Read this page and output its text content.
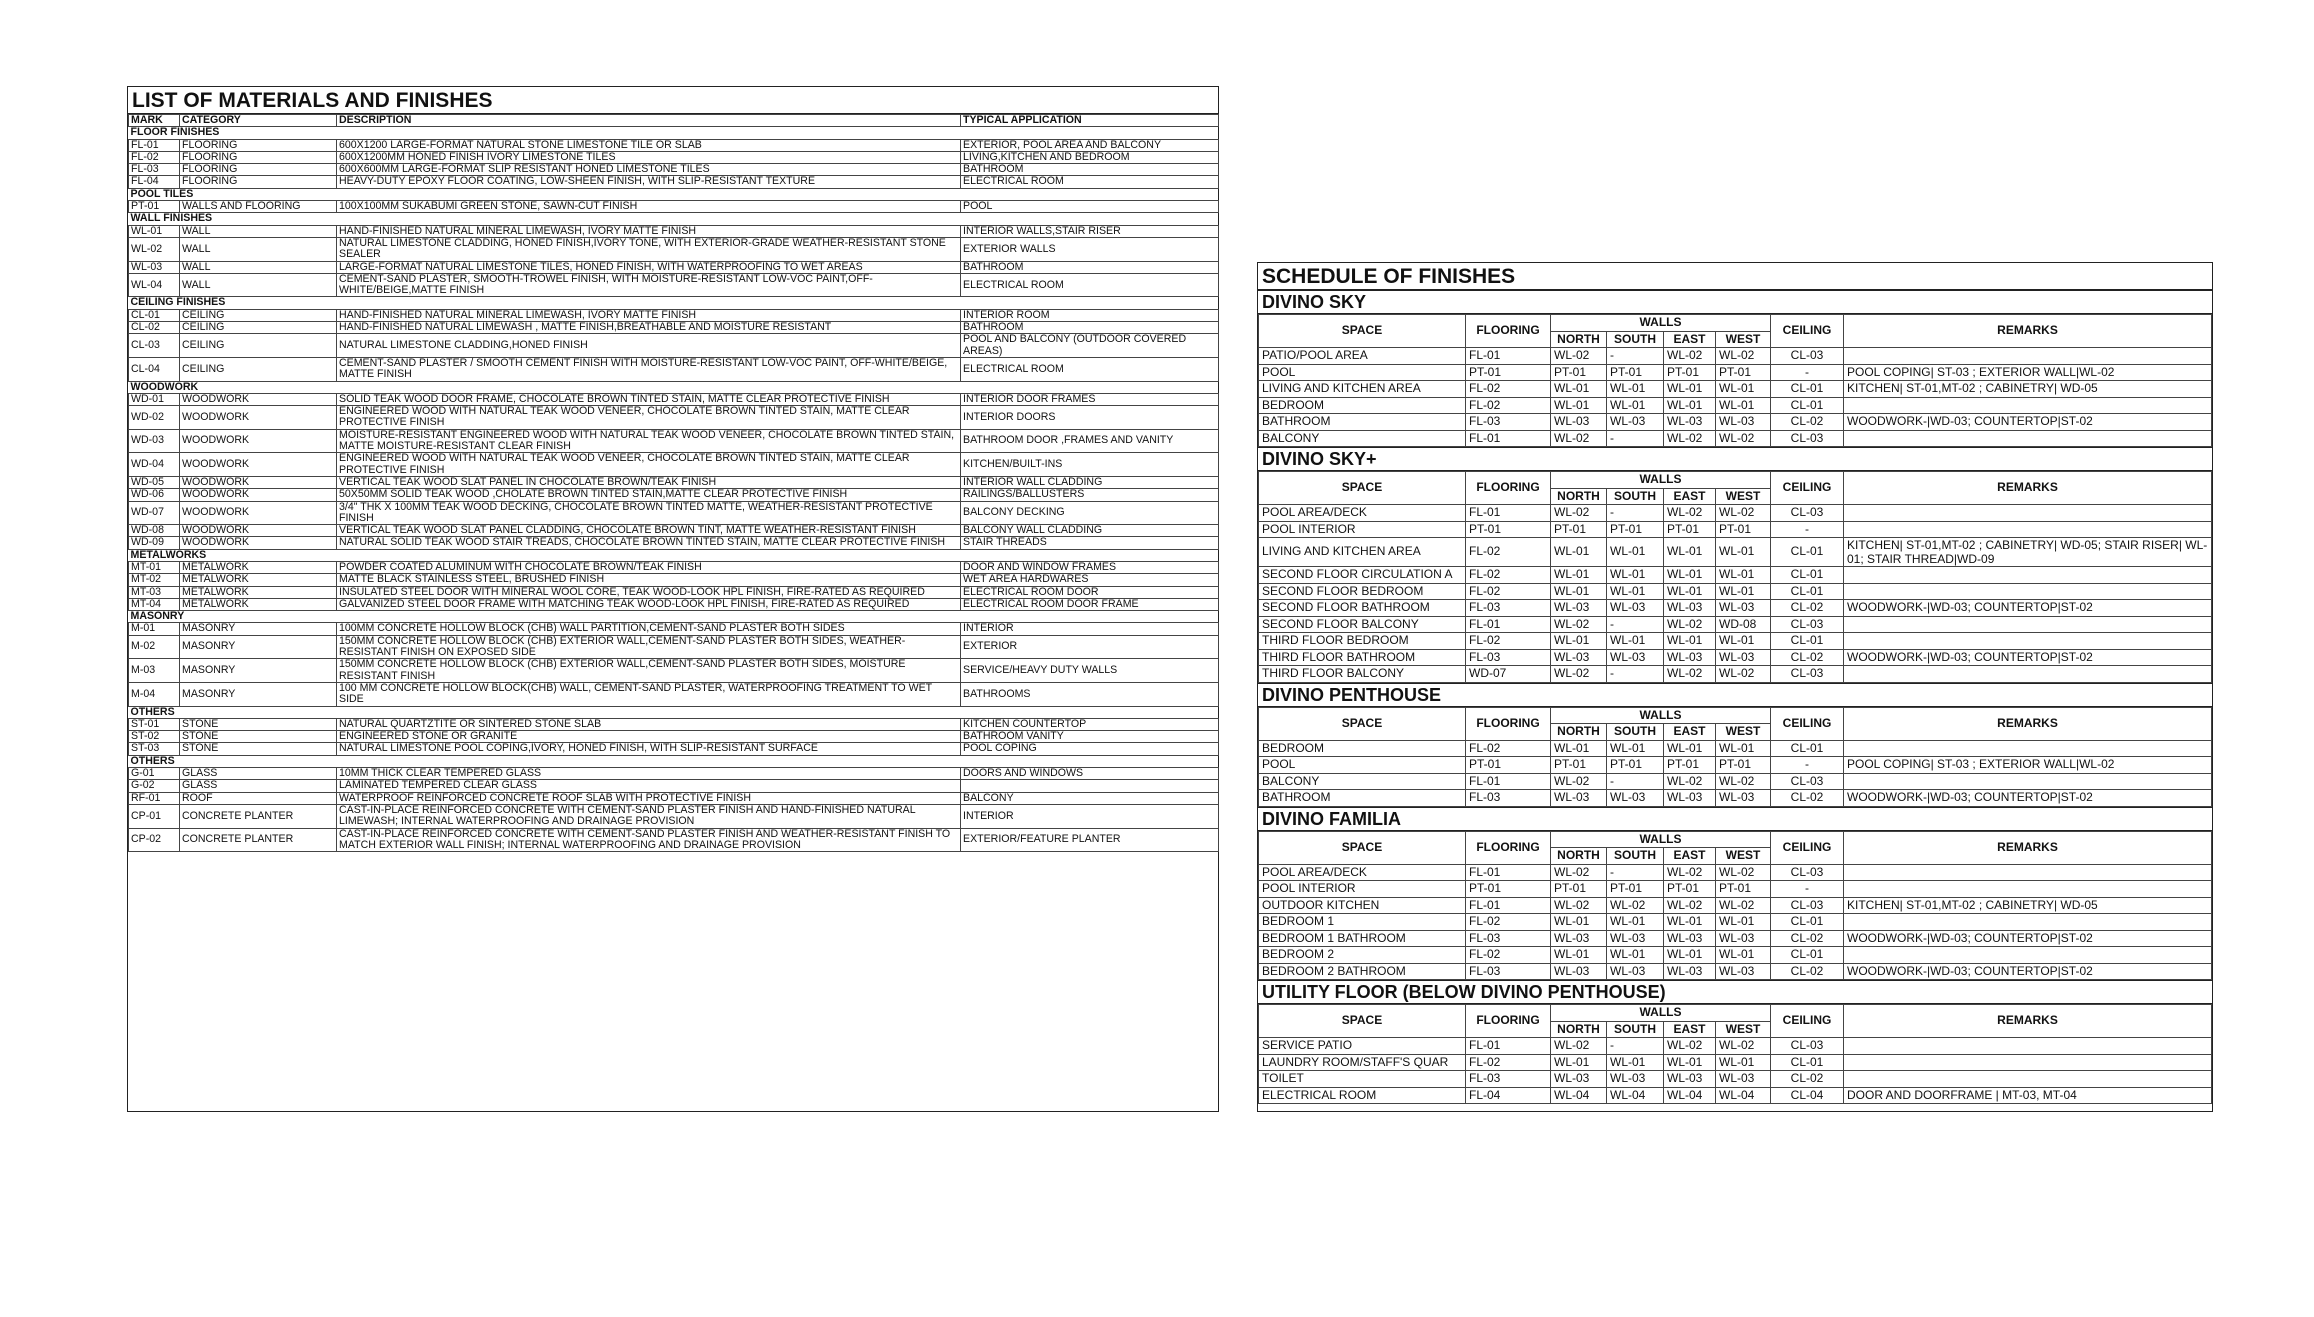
LIST OF MATERIALS AND FINISHES
MARK	CATEGORY	DESCRIPTION	TYPICAL APPLICATION
FLOOR FINISHES			
FL-01	FLOORING	600X1200 LARGE-FORMAT NATURAL STONE LIMESTONE TILE OR SLAB	EXTERIOR, POOL AREA AND BALCONY
FL-02	FLOORING	600X1200MM HONED FINISH IVORY LIMESTONE TILES	LIVING,KITCHEN AND BEDROOM
FL-03	FLOORING	600X600MM LARGE-FORMAT SLIP RESISTANT HONED LIMESTONE TILES	BATHROOM
FL-04	FLOORING	HEAVY-DUTY EPOXY FLOOR COATING, LOW-SHEEN FINISH, WITH SLIP-RESISTANT TEXTURE	ELECTRICAL ROOM
POOL TILES			
PT-01	WALLS AND FLOORING	100X100MM SUKABUMI GREEN STONE, SAWN-CUT FINISH	POOL
WALL FINISHES			
WL-01	WALL	HAND-FINISHED NATURAL MINERAL LIMEWASH, IVORY MATTE FINISH	INTERIOR WALLS,STAIR RISER
WL-02	WALL	NATURAL LIMESTONE CLADDING, HONED FINISH,IVORY TONE, WITH EXTERIOR-GRADE WEATHER-RESISTANT STONE SEALER	EXTERIOR WALLS
WL-03	WALL	LARGE-FORMAT NATURAL LIMESTONE TILES, HONED FINISH, WITH WATERPROOFING TO WET AREAS	BATHROOM
WL-04	WALL	CEMENT-SAND PLASTER, SMOOTH-TROWEL FINISH, WITH MOISTURE-RESISTANT LOW-VOC PAINT,OFF-WHITE/BEIGE,MATTE FINISH	ELECTRICAL ROOM
CEILING FINISHES			
CL-01	CEILING	HAND-FINISHED NATURAL MINERAL LIMEWASH, IVORY MATTE FINISH	INTERIOR ROOM
CL-02	CEILING	HAND-FINISHED NATURAL LIMEWASH , MATTE FINISH,BREATHABLE AND MOISTURE RESISTANT	BATHROOM
CL-03	CEILING	NATURAL LIMESTONE CLADDING,HONED FINISH	POOL AND BALCONY (OUTDOOR COVERED AREAS)
CL-04	CEILING	CEMENT-SAND PLASTER / SMOOTH CEMENT FINISH WITH MOISTURE-RESISTANT LOW-VOC PAINT, OFF-WHITE/BEIGE, MATTE FINISH	ELECTRICAL ROOM
WOODWORK			
WD-01	WOODWORK	SOLID TEAK WOOD DOOR FRAME, CHOCOLATE BROWN TINTED STAIN, MATTE CLEAR PROTECTIVE FINISH	INTERIOR DOOR FRAMES
WD-02	WOODWORK	ENGINEERED WOOD WITH NATURAL TEAK WOOD VENEER, CHOCOLATE BROWN TINTED STAIN, MATTE CLEAR PROTECTIVE FINISH	INTERIOR DOORS
WD-03	WOODWORK	MOISTURE-RESISTANT ENGINEERED WOOD WITH NATURAL TEAK WOOD VENEER, CHOCOLATE BROWN TINTED STAIN, MATTE MOISTURE-RESISTANT CLEAR FINISH	BATHROOM DOOR ,FRAMES AND VANITY
WD-04	WOODWORK	ENGINEERED WOOD WITH NATURAL TEAK WOOD VENEER, CHOCOLATE BROWN TINTED STAIN, MATTE CLEAR PROTECTIVE FINISH	KITCHEN/BUILT-INS
WD-05	WOODWORK	VERTICAL TEAK WOOD SLAT PANEL IN CHOCOLATE BROWN/TEAK FINISH	INTERIOR WALL CLADDING
WD-06	WOODWORK	50X50MM SOLID TEAK WOOD ,CHOLATE BROWN TINTED STAIN,MATTE CLEAR PROTECTIVE FINISH	RAILINGS/BALLUSTERS
WD-07	WOODWORK	3/4" THK X 100MM TEAK WOOD DECKING, CHOCOLATE BROWN TINTED MATTE, WEATHER-RESISTANT PROTECTIVE FINISH	BALCONY DECKING
WD-08	WOODWORK	VERTICAL TEAK WOOD SLAT PANEL CLADDING, CHOCOLATE BROWN TINT, MATTE WEATHER-RESISTANT FINISH	BALCONY WALL CLADDING
WD-09	WOODWORK	NATURAL SOLID TEAK WOOD STAIR TREADS, CHOCOLATE BROWN TINTED STAIN, MATTE CLEAR PROTECTIVE FINISH	STAIR THREADS
METALWORKS			
MT-01	METALWORK	POWDER COATED ALUMINUM WITH CHOCOLATE BROWN/TEAK FINISH	DOOR AND WINDOW FRAMES
MT-02	METALWORK	MATTE BLACK STAINLESS STEEL, BRUSHED FINISH	WET AREA HARDWARES
MT-03	METALWORK	INSULATED STEEL DOOR WITH MINERAL WOOL CORE, TEAK WOOD-LOOK HPL FINISH, FIRE-RATED AS REQUIRED	ELECTRICAL ROOM DOOR
MT-04	METALWORK	GALVANIZED STEEL DOOR FRAME WITH MATCHING TEAK WOOD-LOOK HPL FINISH, FIRE-RATED AS REQUIRED	ELECTRICAL ROOM DOOR FRAME
MASONRY			
M-01	MASONRY	100MM CONCRETE HOLLOW BLOCK (CHB) WALL PARTITION,CEMENT-SAND PLASTER BOTH SIDES	INTERIOR
M-02	MASONRY	150MM CONCRETE HOLLOW BLOCK (CHB) EXTERIOR WALL,CEMENT-SAND PLASTER BOTH SIDES, WEATHER-RESISTANT FINISH ON EXPOSED SIDE	EXTERIOR
M-03	MASONRY	150MM CONCRETE HOLLOW BLOCK (CHB) EXTERIOR WALL,CEMENT-SAND PLASTER BOTH SIDES, MOISTURE RESISTANT FINISH	SERVICE/HEAVY DUTY WALLS
M-04	MASONRY	100 MM CONCRETE HOLLOW BLOCK(CHB) WALL, CEMENT-SAND PLASTER, WATERPROOFING TREATMENT TO WET SIDE	BATHROOMS
OTHERS			
ST-01	STONE	NATURAL QUARTZTITE OR SINTERED STONE SLAB	KITCHEN COUNTERTOP
ST-02	STONE	ENGINEERED STONE OR GRANITE	BATHROOM VANITY
ST-03	STONE	NATURAL LIMESTONE POOL COPING,IVORY, HONED FINISH, WITH SLIP-RESISTANT SURFACE	POOL COPING
OTHERS			
G-01	GLASS	10MM THICK CLEAR TEMPERED GLASS	DOORS AND WINDOWS
G-02	GLASS	LAMINATED TEMPERED CLEAR GLASS	
RF-01	ROOF	WATERPROOF REINFORCED CONCRETE ROOF SLAB WITH PROTECTIVE FINISH	BALCONY
CP-01	CONCRETE PLANTER	CAST-IN-PLACE REINFORCED CONCRETE WITH CEMENT-SAND PLASTER FINISH AND HAND-FINISHED NATURAL LIMEWASH; INTERNAL WATERPROOFING AND DRAINAGE PROVISION	INTERIOR
CP-02	CONCRETE PLANTER	CAST-IN-PLACE REINFORCED CONCRETE WITH CEMENT-SAND PLASTER FINISH AND WEATHER-RESISTANT FINISH TO MATCH EXTERIOR WALL FINISH; INTERNAL WATERPROOFING AND DRAINAGE PROVISION	EXTERIOR/FEATURE PLANTER
SCHEDULE OF FINISHES
DIVINO SKY
SPACE	FLOORING	WALLS				CEILING	REMARKS
		NORTH	SOUTH	EAST	WEST		
PATIO/POOL AREA	FL-01	WL-02	-	WL-02	WL-02	CL-03	
POOL	PT-01	PT-01	PT-01	PT-01	PT-01	-	POOL COPING| ST-03 ; EXTERIOR WALL|WL-02
LIVING AND KITCHEN AREA	FL-02	WL-01	WL-01	WL-01	WL-01	CL-01	KITCHEN| ST-01,MT-02 ; CABINETRY| WD-05
BEDROOM	FL-02	WL-01	WL-01	WL-01	WL-01	CL-01	
BATHROOM	FL-03	WL-03	WL-03	WL-03	WL-03	CL-02	WOODWORK-|WD-03; COUNTERTOP|ST-02
BALCONY	FL-01	WL-02	-	WL-02	WL-02	CL-03	
DIVINO SKY+
SPACE	FLOORING	WALLS				CEILING	REMARKS
		NORTH	SOUTH	EAST	WEST		
POOL AREA/DECK	FL-01	WL-02	-	WL-02	WL-02	CL-03	
POOL INTERIOR	PT-01	PT-01	PT-01	PT-01	PT-01	-	
LIVING AND KITCHEN AREA	FL-02	WL-01	WL-01	WL-01	WL-01	CL-01	KITCHEN| ST-01,MT-02 ; CABINETRY| WD-05; STAIR RISER| WL-01; STAIR THREAD|WD-09
SECOND FLOOR CIRCULATION A	FL-02	WL-01	WL-01	WL-01	WL-01	CL-01	
SECOND FLOOR BEDROOM	FL-02	WL-01	WL-01	WL-01	WL-01	CL-01	
SECOND FLOOR BATHROOM	FL-03	WL-03	WL-03	WL-03	WL-03	CL-02	WOODWORK-|WD-03; COUNTERTOP|ST-02
SECOND FLOOR BALCONY	FL-01	WL-02	-	WL-02	WD-08	CL-03	
THIRD FLOOR BEDROOM	FL-02	WL-01	WL-01	WL-01	WL-01	CL-01	
THIRD FLOOR BATHROOM	FL-03	WL-03	WL-03	WL-03	WL-03	CL-02	WOODWORK-|WD-03; COUNTERTOP|ST-02
THIRD FLOOR BALCONY	WD-07	WL-02	-	WL-02	WL-02	CL-03	
DIVINO PENTHOUSE
SPACE	FLOORING	WALLS				CEILING	REMARKS
		NORTH	SOUTH	EAST	WEST		
BEDROOM	FL-02	WL-01	WL-01	WL-01	WL-01	CL-01	
POOL	PT-01	PT-01	PT-01	PT-01	PT-01	-	POOL COPING| ST-03 ; EXTERIOR WALL|WL-02
BALCONY	FL-01	WL-02	-	WL-02	WL-02	CL-03	
BATHROOM	FL-03	WL-03	WL-03	WL-03	WL-03	CL-02	WOODWORK-|WD-03; COUNTERTOP|ST-02
DIVINO FAMILIA
SPACE	FLOORING	WALLS				CEILING	REMARKS
		NORTH	SOUTH	EAST	WEST		
POOL AREA/DECK	FL-01	WL-02	-	WL-02	WL-02	CL-03	
POOL INTERIOR	PT-01	PT-01	PT-01	PT-01	PT-01	-	
OUTDOOR KITCHEN	FL-01	WL-02	WL-02	WL-02	WL-02	CL-03	KITCHEN| ST-01,MT-02 ; CABINETRY| WD-05
BEDROOM 1	FL-02	WL-01	WL-01	WL-01	WL-01	CL-01	
BEDROOM 1 BATHROOM	FL-03	WL-03	WL-03	WL-03	WL-03	CL-02	WOODWORK-|WD-03; COUNTERTOP|ST-02
BEDROOM 2	FL-02	WL-01	WL-01	WL-01	WL-01	CL-01	
BEDROOM 2 BATHROOM	FL-03	WL-03	WL-03	WL-03	WL-03	CL-02	WOODWORK-|WD-03; COUNTERTOP|ST-02
UTILITY FLOOR (BELOW DIVINO PENTHOUSE)
SPACE	FLOORING	WALLS				CEILING	REMARKS
		NORTH	SOUTH	EAST	WEST		
SERVICE PATIO	FL-01	WL-02	-	WL-02	WL-02	CL-03	
LAUNDRY ROOM/STAFF'S QUAR	FL-02	WL-01	WL-01	WL-01	WL-01	CL-01	
TOILET	FL-03	WL-03	WL-03	WL-03	WL-03	CL-02	
ELECTRICAL ROOM	FL-04	WL-04	WL-04	WL-04	WL-04	CL-04	DOOR AND DOORFRAME | MT-03, MT-04
